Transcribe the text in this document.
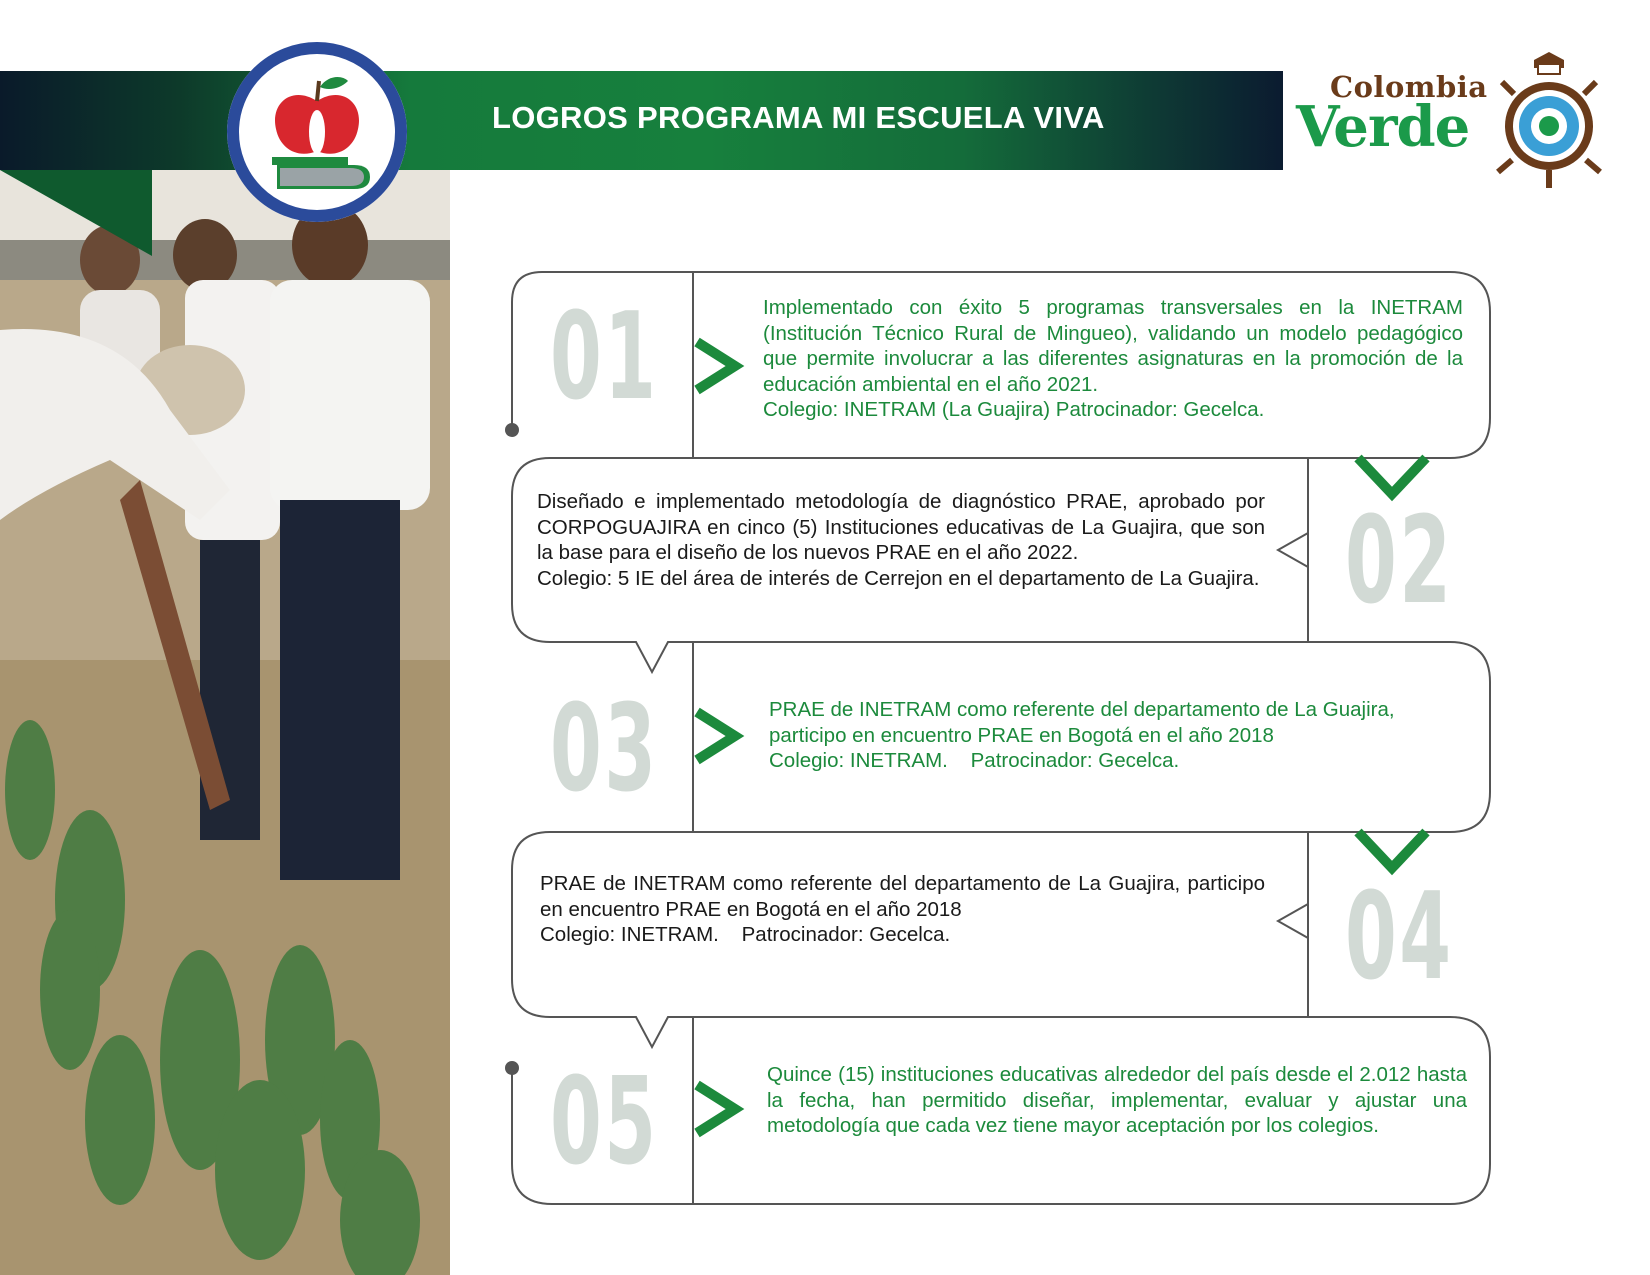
LOGROS PROGRAMA MI ESCUELA VIVA
Colombia
Verde
01
02
03
04
05
Implementado con éxito 5 programas transversales en la INETRAM (Institución Técnico Rural de Mingueo), validando un modelo pedagógico que permite involucrar a las diferentes asignaturas en la promoción de la educación ambiental en el año 2021.
Colegio: INETRAM (La Guajira) Patrocinador: Gecelca.
Diseñado e implementado metodología de diagnóstico PRAE, aprobado por CORPOGUAJIRA en cinco (5) Instituciones educativas de La Guajira, que son la base para el diseño de los nuevos PRAE en el año 2022.
Colegio: 5 IE del área de interés de Cerrejon en el departamento de La Guajira.
PRAE de INETRAM como referente del departamento de La Guajira, participo en encuentro PRAE en Bogotá en el año 2018
Colegio: INETRAM.    Patrocinador: Gecelca.
PRAE de INETRAM como referente del departamento de La Guajira, participo en encuentro PRAE en Bogotá en el año 2018
Colegio: INETRAM.    Patrocinador: Gecelca.
Quince (15) instituciones educativas alrededor del país desde el 2.012 hasta la fecha, han permitido diseñar, implementar, evaluar y ajustar una metodología que cada vez tiene mayor aceptación por los colegios.
